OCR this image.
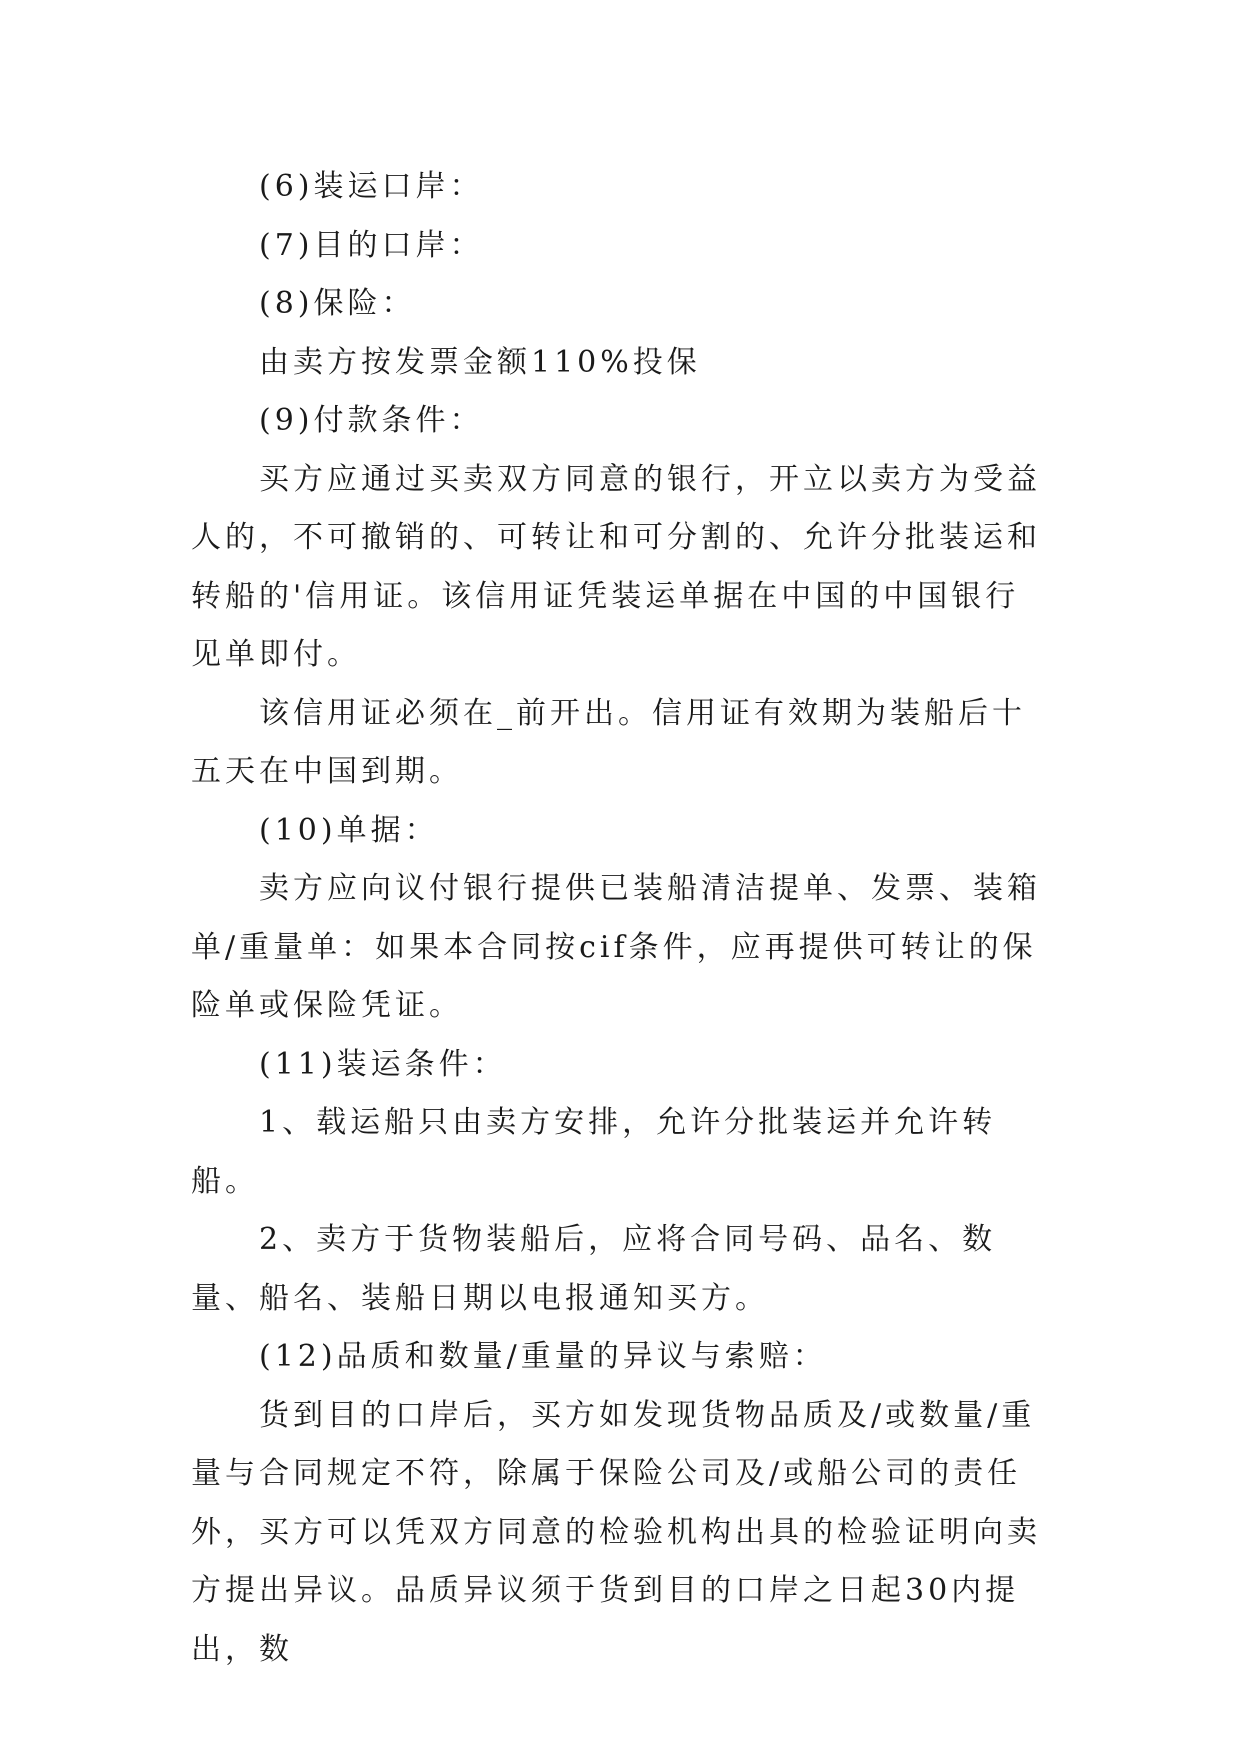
(6)装运口岸：

(7)目的口岸：

(8)保险：

由卖方按发票金额110%投保

(9)付款条件：

买方应通过买卖双方同意的银行，开立以卖方为受益人的，不可撤销的、可转让和可分割的、允许分批装运和转船的'信用证。该信用证凭装运单据在中国的中国银行见单即付。

该信用证必须在_前开出。信用证有效期为装船后十五天在中国到期。

(10)单据：

卖方应向议付银行提供已装船清洁提单、发票、装箱单/重量单：如果本合同按cif条件，应再提供可转让的保险单或保险凭证。

(11)装运条件：

1、载运船只由卖方安排，允许分批装运并允许转船。

2、卖方于货物装船后，应将合同号码、品名、数量、船名、装船日期以电报通知买方。

(12)品质和数量/重量的异议与索赔：

货到目的口岸后，买方如发现货物品质及/或数量/重量与合同规定不符，除属于保险公司及/或船公司的责任外，买方可以凭双方同意的检验机构出具的检验证明向卖方提出异议。品质异议须于货到目的口岸之日起30内提出，数
